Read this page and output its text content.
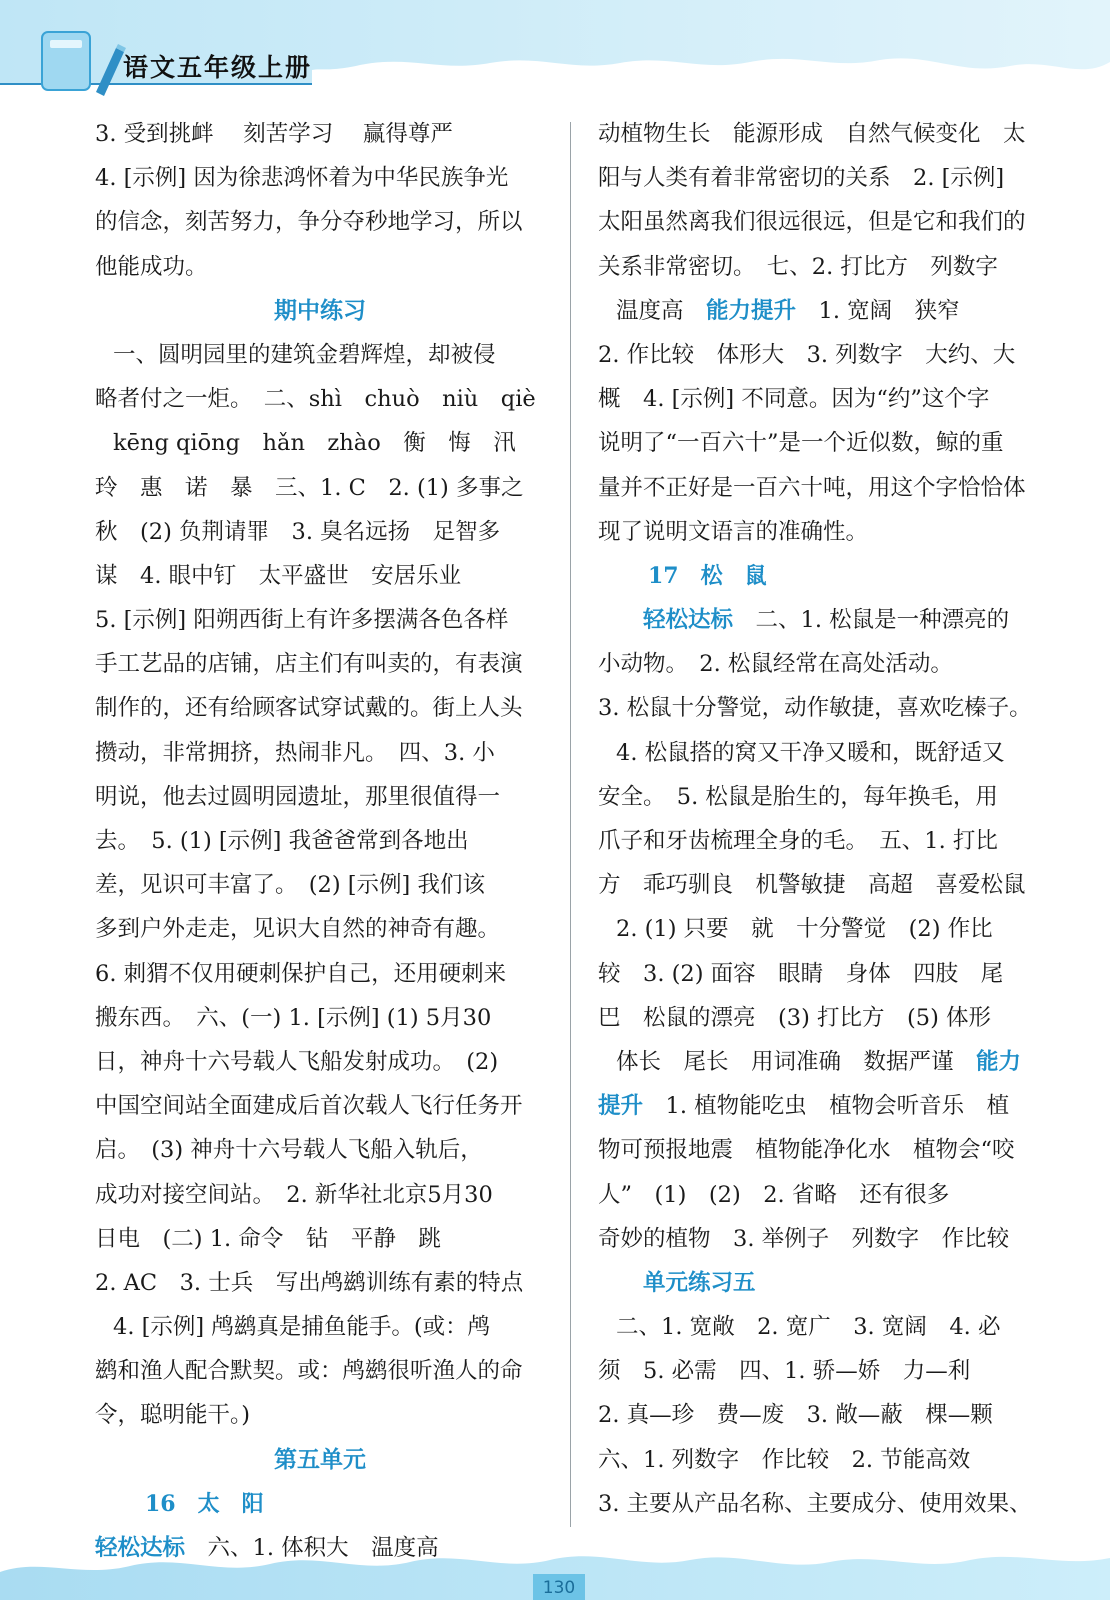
语文五年级上册
3. 受到挑衅　 刻苦学习　 赢得尊严
4. [示例] 因为徐悲鸿怀着为中华民族争光
的信念，刻苦努力，争分夺秒地学习，所以
他能成功。
期中练习
一、圆明园里的建筑金碧辉煌，却被侵
略者付之一炬。　二、shì　chuò　niù　qiè
kēng qiōng　hǎn　zhào　衡　悔　汛
玲　惠　诺　暴　三、1. C　2. (1) 多事之
秋　(2) 负荆请罪　3. 臭名远扬　足智多
谋　4. 眼中钉　太平盛世　安居乐业
5. [示例] 阳朔西街上有许多摆满各色各样
手工艺品的店铺，店主们有叫卖的，有表演
制作的，还有给顾客试穿试戴的。街上人头
攒动，非常拥挤，热闹非凡。　四、3. 小
明说，他去过圆明园遗址，那里很值得一
去。　5. (1) [示例] 我爸爸常到各地出
差，见识可丰富了。　(2) [示例] 我们该
多到户外走走，见识大自然的神奇有趣。
6. 刺猬不仅用硬刺保护自己，还用硬刺来
搬东西。　六、(一) 1. [示例] (1) 5月30
日，神舟十六号载人飞船发射成功。　(2)
中国空间站全面建成后首次载人飞行任务开
启。　(3) 神舟十六号载人飞船入轨后，
成功对接空间站。　2. 新华社北京5月30
日电　(二) 1. 命令　钻　平静　跳
2. AC　3. 士兵　写出鸬鹚训练有素的特点
4. [示例] 鸬鹚真是捕鱼能手。(或：鸬
鹚和渔人配合默契。或：鸬鹚很听渔人的命
令，聪明能干。)
第五单元
16　太　阳
轻松达标　六、1. 体积大　温度高
动植物生长　能源形成　自然气候变化　太
阳与人类有着非常密切的关系　2. [示例]
太阳虽然离我们很远很远，但是它和我们的
关系非常密切。　七、2. 打比方　列数字
温度高　能力提升　1. 宽阔　狭窄
2. 作比较　体形大　3. 列数字　大约、大
概　4. [示例] 不同意。因为“约”这个字
说明了“一百六十”是一个近似数，鲸的重
量并不正好是一百六十吨，用这个字恰恰体
现了说明文语言的准确性。
17　松　鼠
轻松达标　二、1. 松鼠是一种漂亮的
小动物。　2. 松鼠经常在高处活动。
3. 松鼠十分警觉，动作敏捷，喜欢吃榛子。
4. 松鼠搭的窝又干净又暖和，既舒适又
安全。　5. 松鼠是胎生的，每年换毛，用
爪子和牙齿梳理全身的毛。　五、1. 打比
方　乖巧驯良　机警敏捷　高超　喜爱松鼠
2. (1) 只要　就　十分警觉　(2) 作比
较　3. (2) 面容　眼睛　身体　四肢　尾
巴　松鼠的漂亮　(3) 打比方　(5) 体形
体长　尾长　用词准确　数据严谨　能力
提升　1. 植物能吃虫　植物会听音乐　植
物可预报地震　植物能净化水　植物会“咬
人”　(1)　(2)　2. 省略　还有很多
奇妙的植物　3. 举例子　列数字　作比较
单元练习五
二、1. 宽敞　2. 宽广　3. 宽阔　4. 必
须　5. 必需　四、1. 骄—娇　力—利
2. 真—珍　费—废　3. 敞—蔽　棵—颗
六、1. 列数字　作比较　2. 节能高效
3. 主要从产品名称、主要成分、使用效果、
130
